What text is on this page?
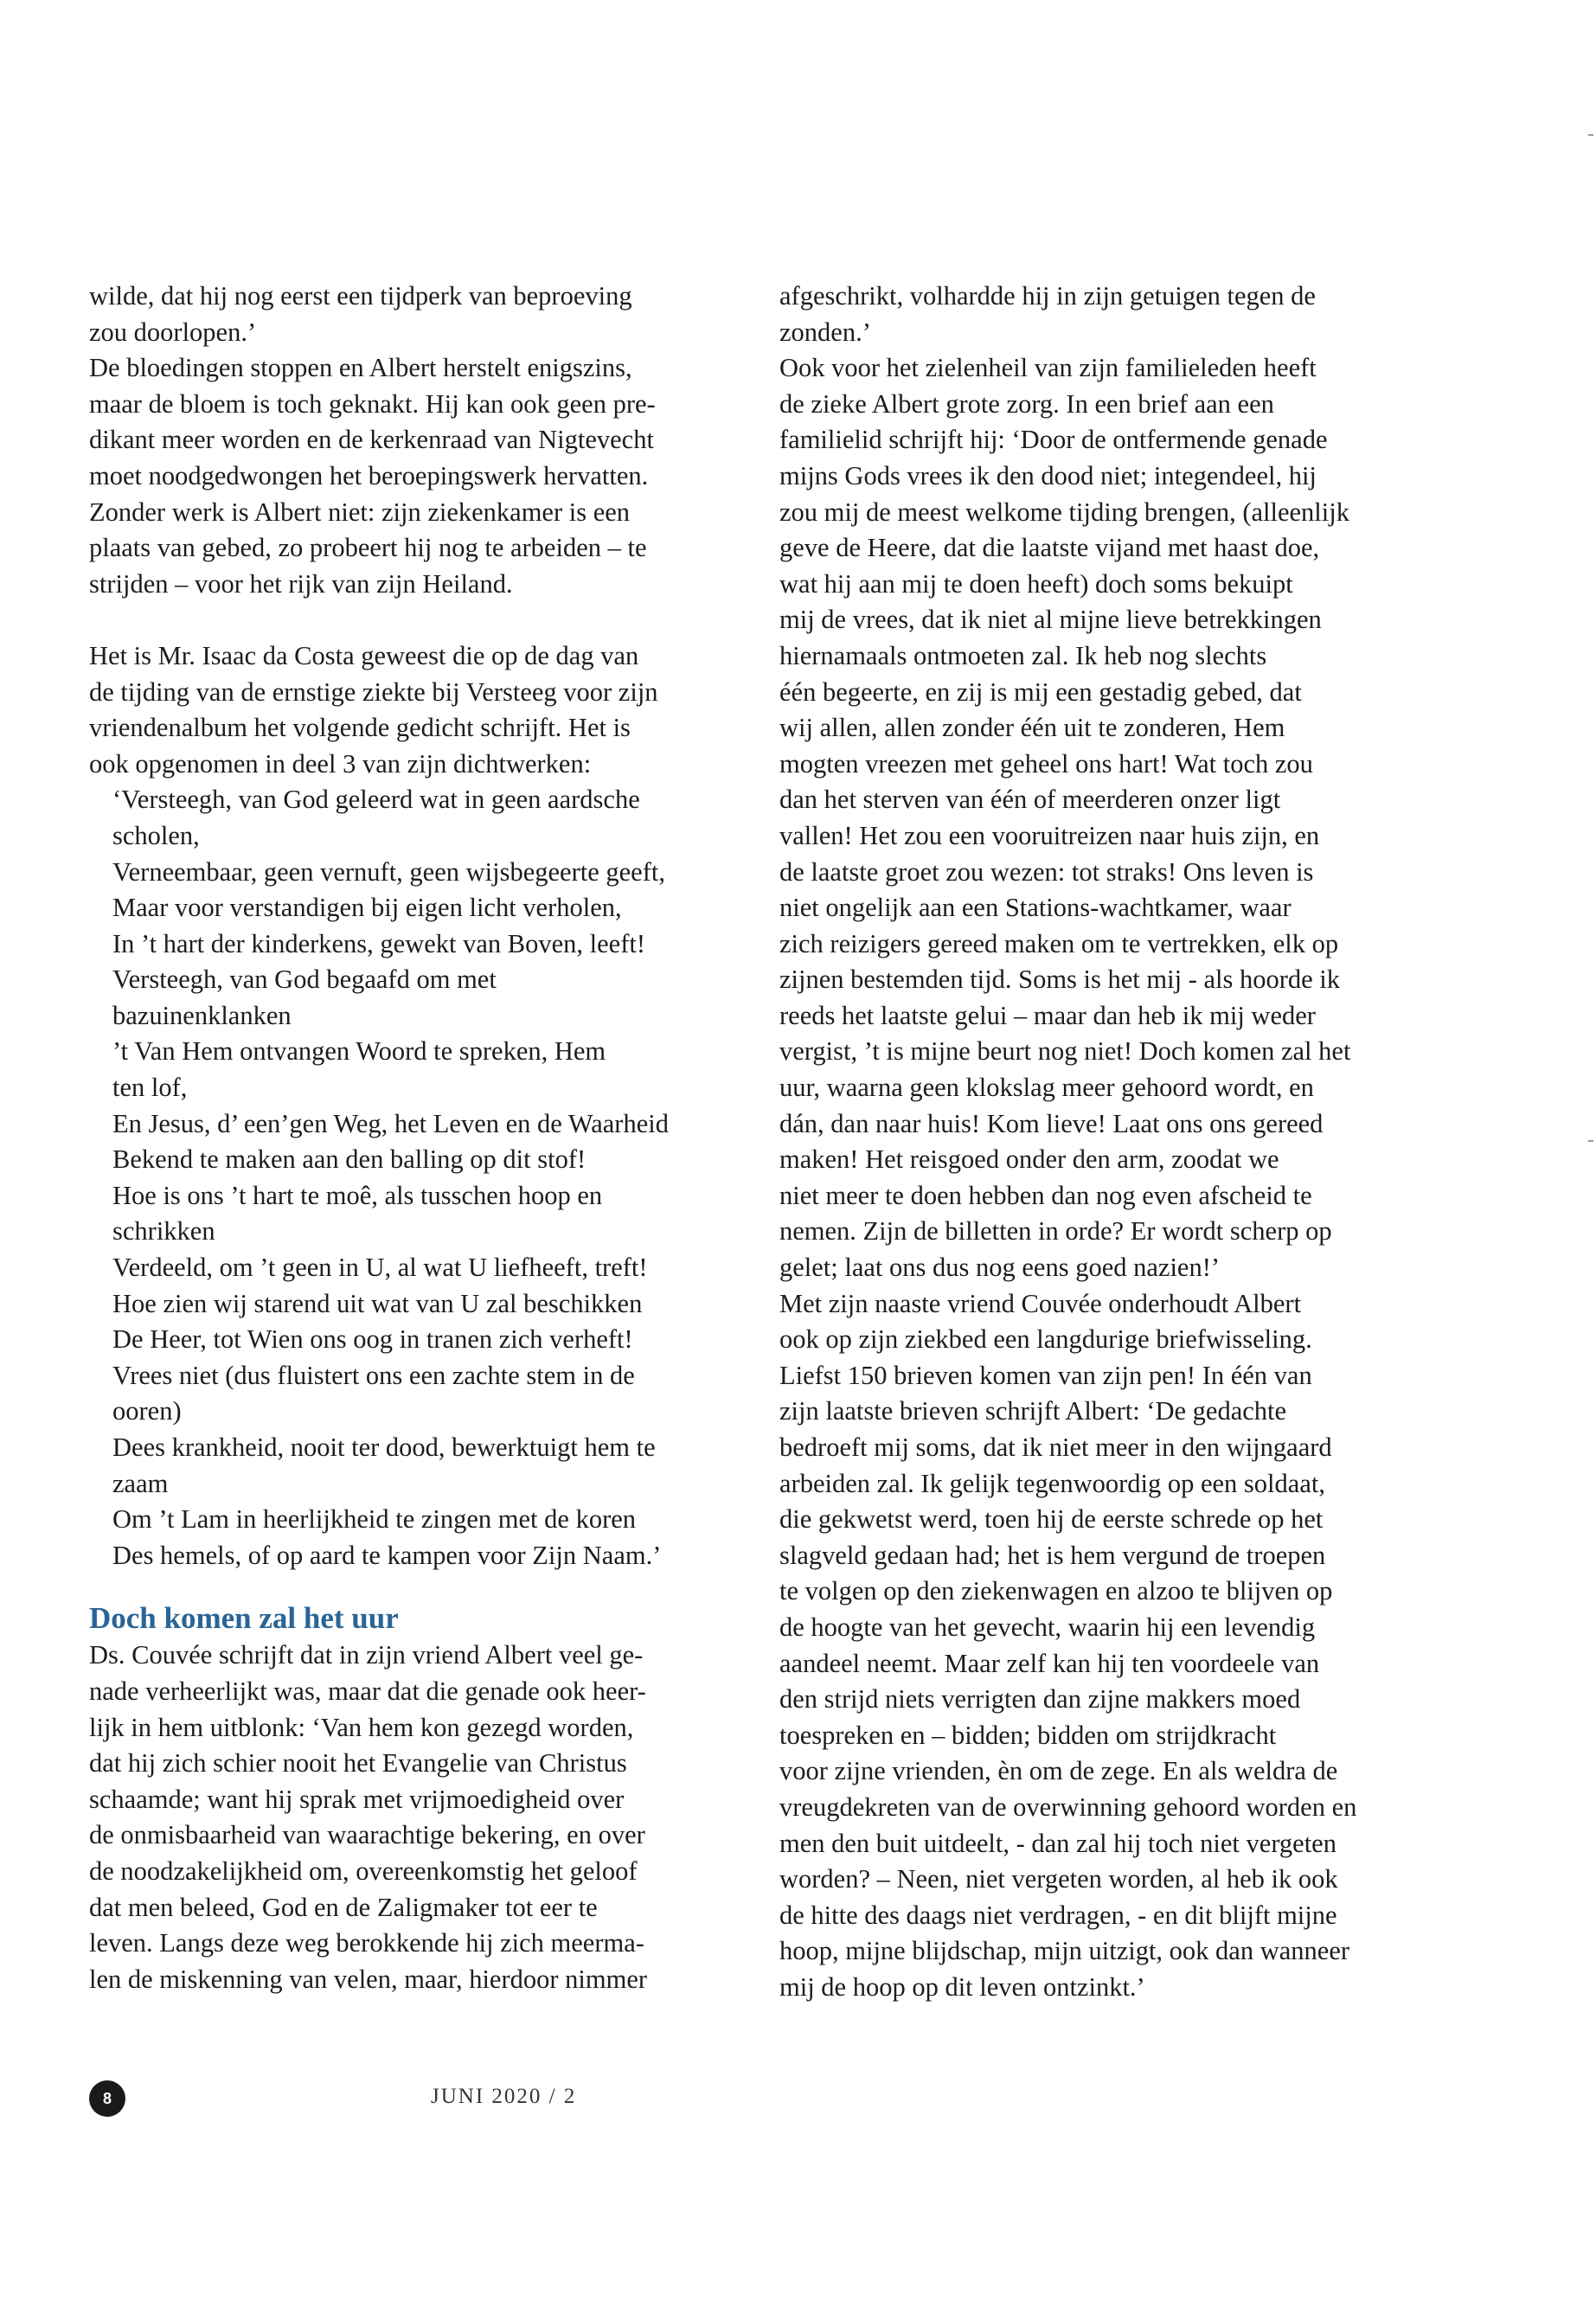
wilde, dat hij nog eerst een tijdperk van beproeving
zou doorlopen.’
De bloedingen stoppen en Albert herstelt enigszins,
maar de bloem is toch geknakt. Hij kan ook geen pre-
dikant meer worden en de kerkenraad van Nigtevecht
moet noodgedwongen het beroepingswerk hervatten.
Zonder werk is Albert niet: zijn ziekenkamer is een
plaats van gebed, zo probeert hij nog te arbeiden – te
strijden – voor het rijk van zijn Heiland.
Het is Mr. Isaac da Costa geweest die op de dag van
de tijding van de ernstige ziekte bij Versteeg voor zijn
vriendenalbum het volgende gedicht schrijft. Het is
ook opgenomen in deel 3 van zijn dichtwerken:
‘Versteegh, van God geleerd wat in geen aardsche
scholen,
Verneembaar, geen vernuft, geen wijsbegeerte geeft,
Maar voor verstandigen bij eigen licht verholen,
In ’t hart der kinderkens, gewekt van Boven, leeft!
Versteegh, van God begaafd om met
bazuinenklanken
’t Van Hem ontvangen Woord te spreken, Hem
ten lof,
En Jesus, d’ een’gen Weg, het Leven en de Waarheid
Bekend te maken aan den balling op dit stof!
Hoe is ons ’t hart te moê, als tusschen hoop en
schrikken
Verdeeld, om ’t geen in U, al wat U liefheeft, treft!
Hoe zien wij starend uit wat van U zal beschikken
De Heer, tot Wien ons oog in tranen zich verheft!
Vrees niet (dus fluistert ons een zachte stem in de
ooren)
Dees krankheid, nooit ter dood, bewerktuigt hem te
zaam
Om ’t Lam in heerlijkheid te zingen met de koren
Des hemels, of op aard te kampen voor Zijn Naam.’
Doch komen zal het uur
Ds. Couvée schrijft dat in zijn vriend Albert veel ge-
nade verheerlijkt was, maar dat die genade ook heer-
lijk in hem uitblonk: ‘Van hem kon gezegd worden,
dat hij zich schier nooit het Evangelie van Christus
schaamde; want hij sprak met vrijmoedigheid over
de onmisbaarheid van waarachtige bekering, en over
de noodzakelijkheid om, overeenkomstig het geloof
dat men beleed, God en de Zaligmaker tot eer te
leven. Langs deze weg berokkende hij zich meerma-
len de miskenning van velen, maar, hierdoor nimmer
afgeschrikt, volhardde hij in zijn getuigen tegen de
zonden.’
Ook voor het zielenheil van zijn familieleden heeft
de zieke Albert grote zorg. In een brief aan een
familielid schrijft hij: ‘Door de ontfermende genade
mijns Gods vrees ik den dood niet; integendeel, hij
zou mij de meest welkome tijding brengen, (alleenlijk
geve de Heere, dat die laatste vijand met haast doe,
wat hij aan mij te doen heeft) doch soms bekuipt
mij de vrees, dat ik niet al mijne lieve betrekkingen
hiernamaals ontmoeten zal. Ik heb nog slechts
één begeerte, en zij is mij een gestadig gebed, dat
wij allen, allen zonder één uit te zonderen, Hem
mogten vreezen met geheel ons hart! Wat toch zou
dan het sterven van één of meerderen onzer ligt
vallen! Het zou een vooruitreizen naar huis zijn, en
de laatste groet zou wezen: tot straks! Ons leven is
niet ongelijk aan een Stations-wachtkamer, waar
zich reizigers gereed maken om te vertrekken, elk op
zijnen bestemden tijd. Soms is het mij - als hoorde ik
reeds het laatste gelui – maar dan heb ik mij weder
vergist, ’t is mijne beurt nog niet! Doch komen zal het
uur, waarna geen klokslag meer gehoord wordt, en
dán, dan naar huis! Kom lieve! Laat ons ons gereed
maken! Het reisgoed onder den arm, zoodat we
niet meer te doen hebben dan nog even afscheid te
nemen. Zijn de billetten in orde? Er wordt scherp op
gelet; laat ons dus nog eens goed nazien!’
Met zijn naaste vriend Couvée onderhoudt Albert
ook op zijn ziekbed een langdurige briefwisseling.
Liefst 150 brieven komen van zijn pen! In één van
zijn laatste brieven schrijft Albert: ‘De gedachte
bedroeft mij soms, dat ik niet meer in den wijngaard
arbeiden zal. Ik gelijk tegenwoordig op een soldaat,
die gekwetst werd, toen hij de eerste schrede op het
slagveld gedaan had; het is hem vergund de troepen
te volgen op den ziekenwagen en alzoo te blijven op
de hoogte van het gevecht, waarin hij een levendig
aandeel neemt. Maar zelf kan hij ten voordeele van
den strijd niets verrigten dan zijne makkers moed
toespreken en – bidden; bidden om strijdkracht
voor zijne vrienden, èn om de zege. En als weldra de
vreugdekreten van de overwinning gehoord worden en
men den buit uitdeelt, - dan zal hij toch niet vergeten
worden? – Neen, niet vergeten worden, al heb ik ook
de hitte des daags niet verdragen, - en dit blijft mijne
hoop, mijne blijdschap, mijn uitzigt, ook dan wanneer
mij de hoop op dit leven ontzinkt.’
8	JUNI 2020 / 2
